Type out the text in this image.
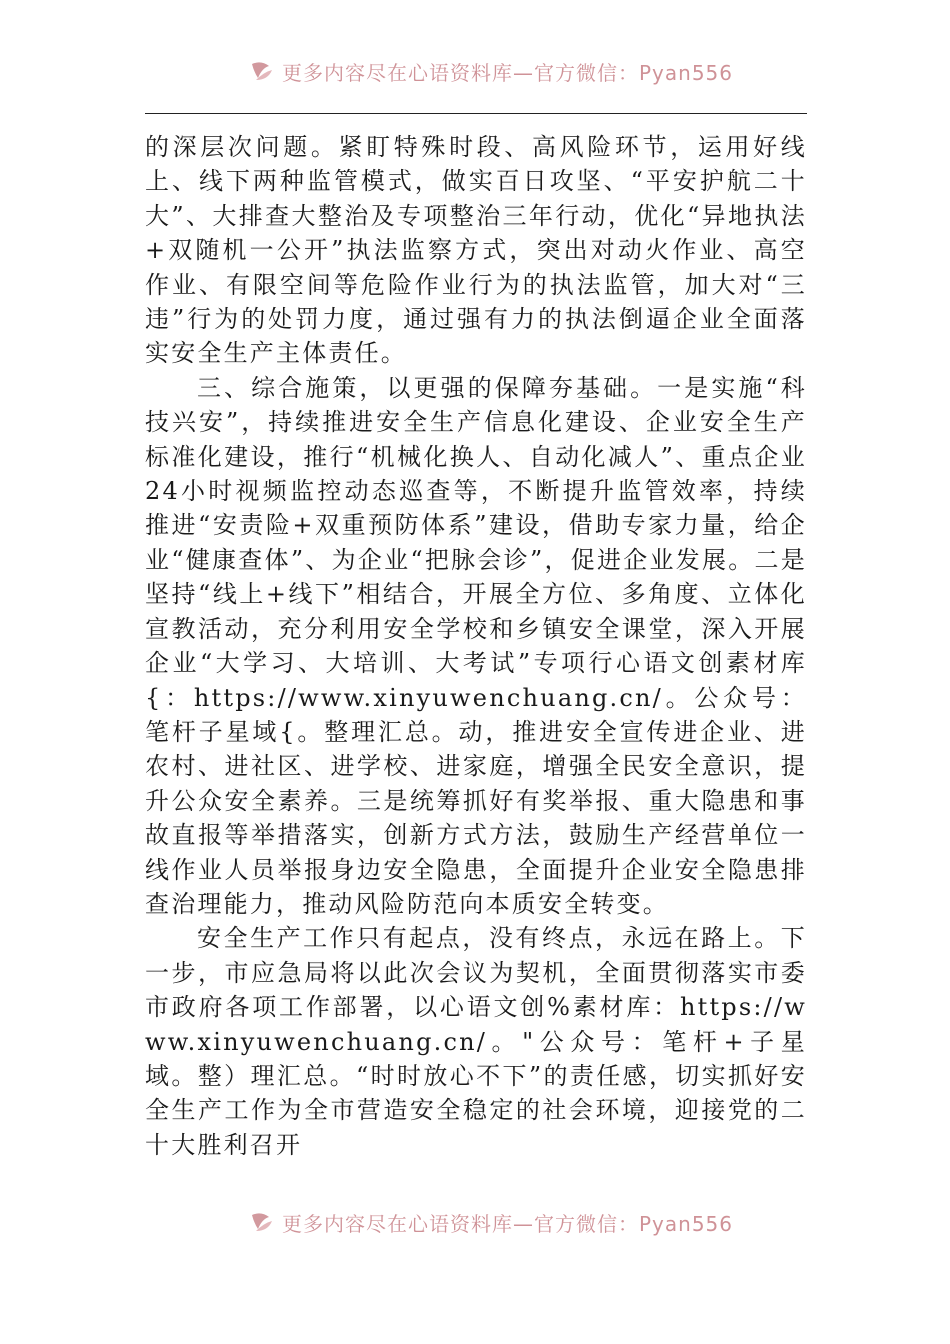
更多内容尽在心语资料库—官方微信：Pyan556

的深层次问题。紧盯特殊时段、高风险环节，运用好线上、线下两种监管模式，做实百日攻坚、“平安护航二十大”、大排查大整治及专项整治三年行动，优化“异地执法+双随机一公开”执法监察方式，突出对动火作业、高空作业、有限空间等危险作业行为的执法监管，加大对“三违”行为的处罚力度，通过强有力的执法倒逼企业全面落实安全生产主体责任。

三、综合施策，以更强的保障夯基础。一是实施“科技兴安”，持续推进安全生产信息化建设、企业安全生产标准化建设，推行“机械化换人、自动化减人”、重点企业24小时视频监控动态巡查等，不断提升监管效率，持续推进“安责险+双重预防体系”建设，借助专家力量，给企业“健康查体”、为企业“把脉会诊”，促进企业发展。二是坚持“线上+线下”相结合，开展全方位、多角度、立体化宣教活动，充分利用安全学校和乡镇安全课堂，深入开展企业“大学习、大培训、大考试”专项行心语文创素材库{：https://www.xinyuwenchuang.cn/。公众号：笔杆子星域{。整理汇总。动，推进安全宣传进企业、进农村、进社区、进学校、进家庭，增强全民安全意识，提升公众安全素养。三是统筹抓好有奖举报、重大隐患和事故直报等举措落实，创新方式方法，鼓励生产经营单位一线作业人员举报身边安全隐患，全面提升企业安全隐患排查治理能力，推动风险防范向本质安全转变。

安全生产工作只有起点，没有终点，永远在路上。下一步，市应急局将以此次会议为契机，全面贯彻落实市委市政府各项工作部署，以心语文创%素材库：https://www.xinyuwenchuang.cn/。"公众号：笔杆+子星域。整）理汇总。“时时放心不下”的责任感，切实抓好安全生产工作为全市营造安全稳定的社会环境，迎接党的二十大胜利召开

更多内容尽在心语资料库—官方微信：Pyan556
